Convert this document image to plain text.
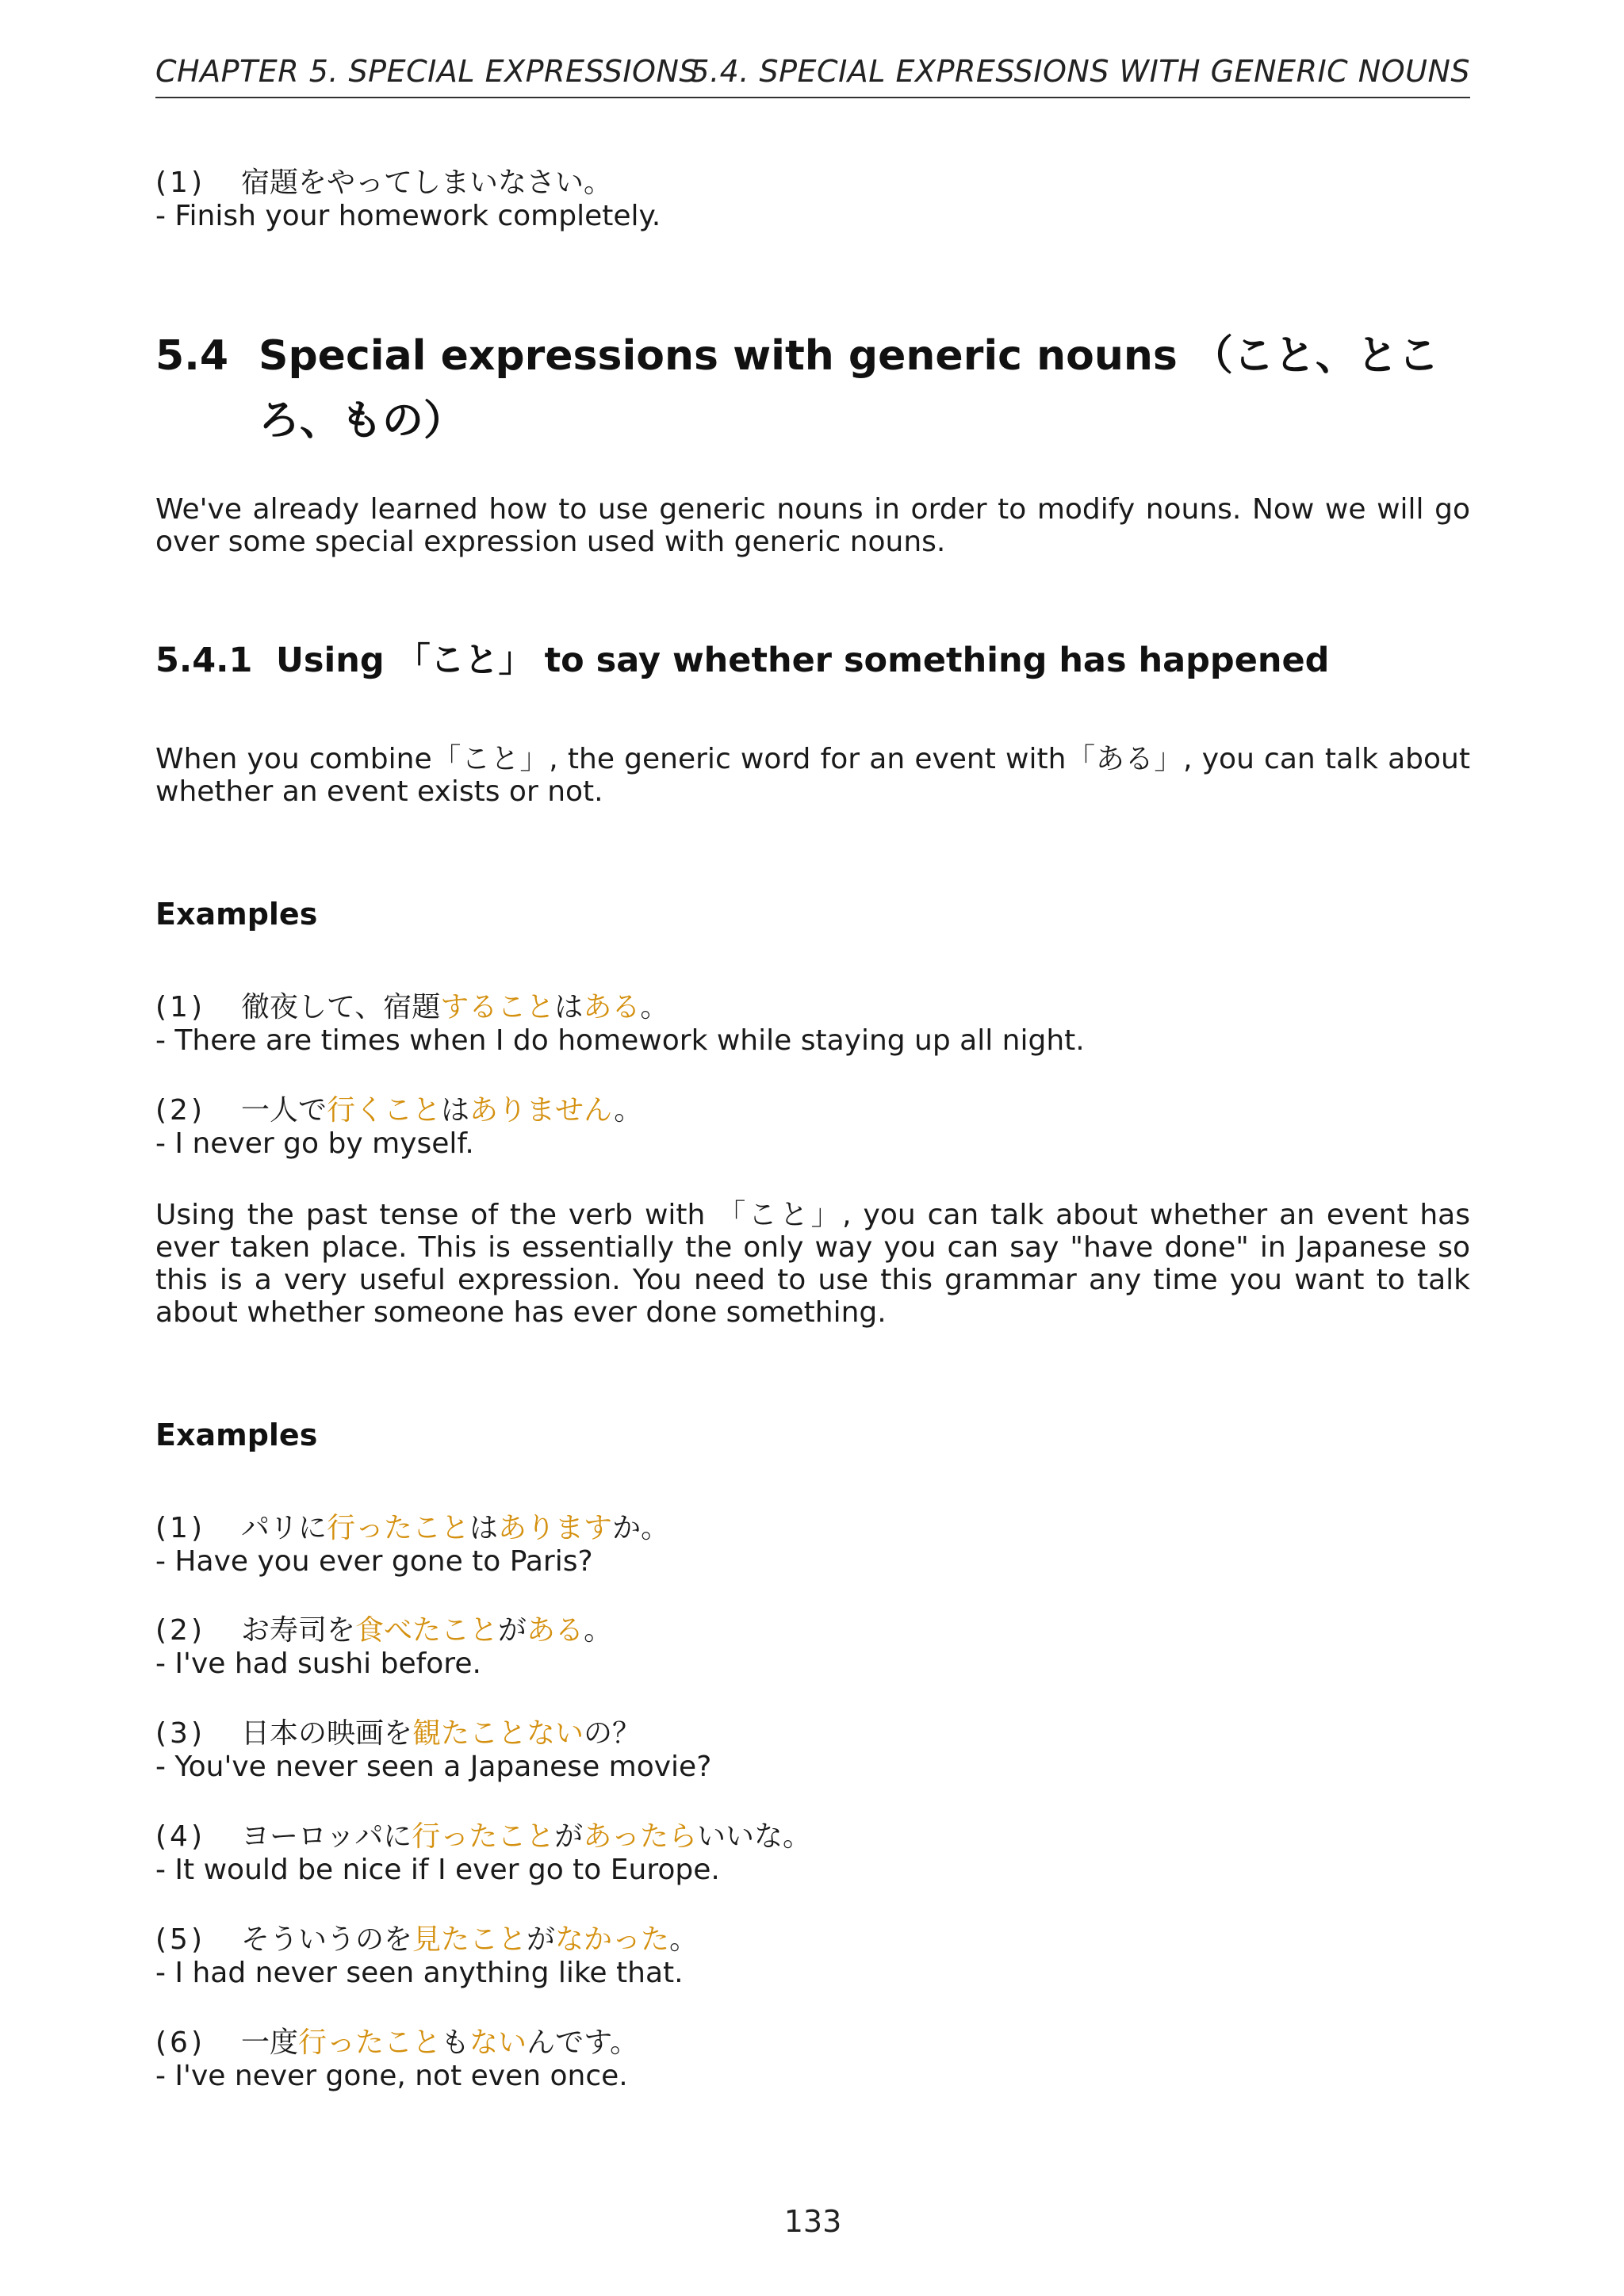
CHAPTER 5. SPECIAL EXPRESSIONS
5.4. SPECIAL EXPRESSIONS WITH GENERIC NOUNS
(1) 宿題をやってしまいなさい。
- Finish your homework completely.
5.4 Special expressions with generic nouns （こと、ところ、もの）
We've already learned how to use generic nouns in order to modify nouns. Now we will go over some special expression used with generic nouns.
5.4.1 Using 「こと」 to say whether something has happened
When you combine「こと」, the generic word for an event with「ある」, you can talk about whether an event exists or not.
Examples
(1) 徹夜して、宿題することはある。
- There are times when I do homework while staying up all night.
(2) 一人で行くことはありません。
- I never go by myself.
Using the past tense of the verb with 「こと」, you can talk about whether an event has ever taken place. This is essentially the only way you can say "have done" in Japanese so this is a very useful expression. You need to use this grammar any time you want to talk about whether someone has ever done something.
Examples
(1) パリに行ったことはありますか。
- Have you ever gone to Paris?
(2) お寿司を食べたことがある。
- I've had sushi before.
(3) 日本の映画を観たことないの？
- You've never seen a Japanese movie?
(4) ヨーロッパに行ったことがあったらいいな。
- It would be nice if I ever go to Europe.
(5) そういうのを見たことがなかった。
- I had never seen anything like that.
(6) 一度行ったこともないんです。
- I've never gone, not even once.
133
